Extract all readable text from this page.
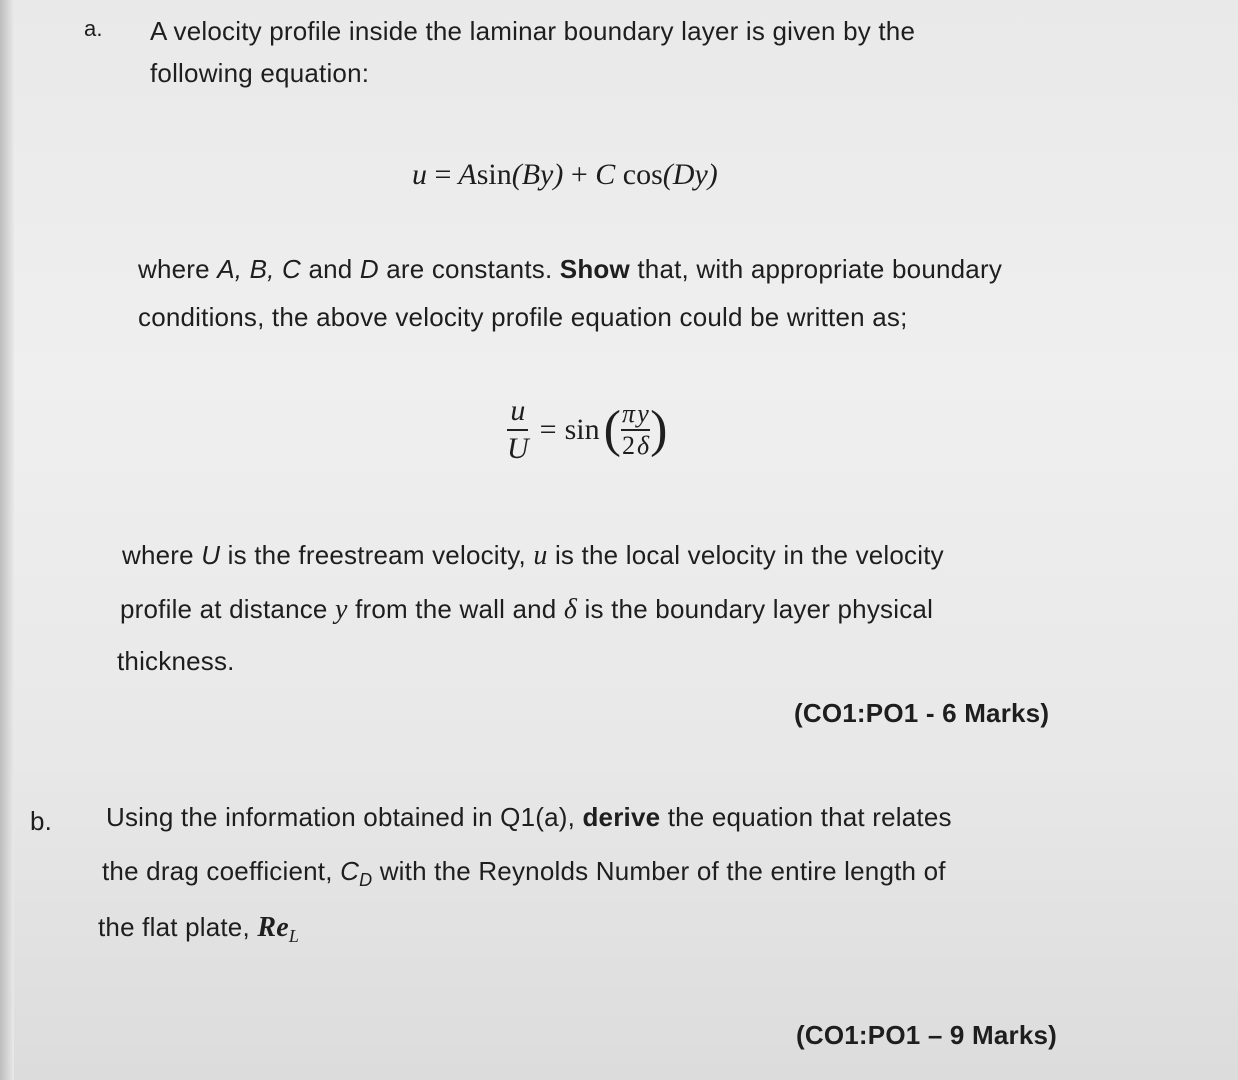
a. A velocity profile inside the laminar boundary layer is given by the
following equation:
u = Asin(By) + C cos(Dy)
where A, B, C and D are constants. Show that, with appropriate boundary
conditions, the above velocity profile equation could be written as;
$\frac{u}{U} = \sin$ ( $\frac{\pi}{2} \frac{y}{\delta}$ )
where U is the freestream velocity, u is the local velocity in the velocity
profile at distance y from the wall and δ is the boundary layer physical
thickness.
(CO1:PO1 - 6 Marks)
b. Using the information obtained in Q1(a), derive the equation that relates
the drag coefficient, $C_D$ with the Reynolds Number of the entire length of
the flat plate, $Re_L$
(CO1:PO1 – 9 Marks)
